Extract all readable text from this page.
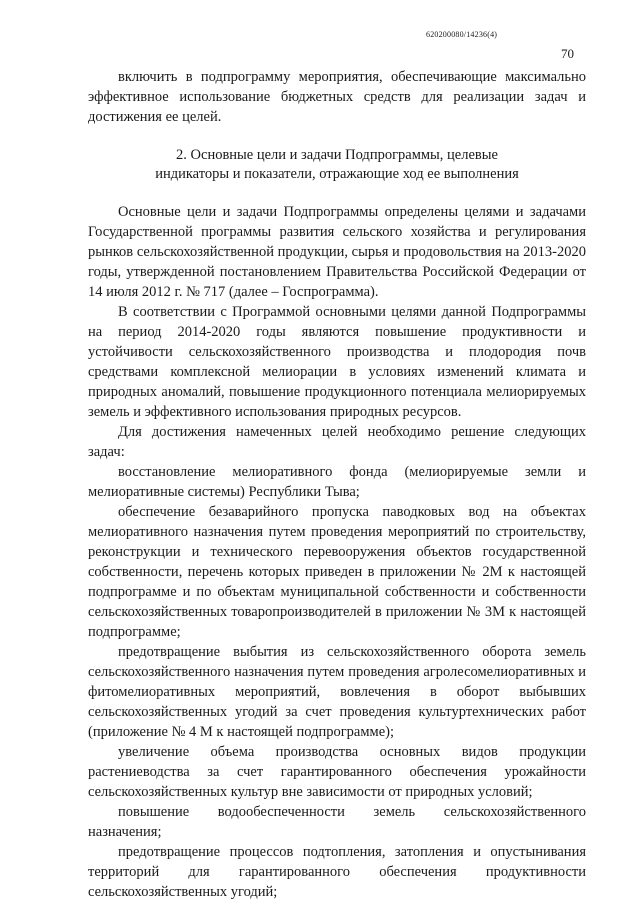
620200080/14236(4)
70

включить в подпрограмму мероприятия, обеспечивающие максимально эффективное использование бюджетных средств для реализации задач и достижения ее целей.

2. Основные цели и задачи Подпрограммы, целевые
индикаторы и показатели, отражающие ход ее выполнения

Основные цели и задачи Подпрограммы определены целями и задачами Государственной программы развития сельского хозяйства и регулирования рынков сельскохозяйственной продукции, сырья и продовольствия на 2013-2020 годы, утвержденной постановлением Правительства Российской Федерации от 14 июля 2012 г. № 717 (далее – Госпрограмма).

В соответствии с Программой основными целями данной Подпрограммы на период 2014-2020 годы являются повышение продуктивности и устойчивости сельскохозяйственного производства и плодородия почв средствами комплексной мелиорации в условиях изменений климата и природных аномалий, повышение продукционного потенциала мелиорируемых земель и эффективного использования природных ресурсов.

Для достижения намеченных целей необходимо решение следующих задач:

восстановление мелиоративного фонда (мелиорируемые земли и мелиоративные системы) Республики Тыва;

обеспечение безаварийного пропуска паводковых вод на объектах мелиоративного назначения путем проведения мероприятий по строительству, реконструкции и технического перевооружения объектов государственной собственности, перечень которых приведен в приложении № 2М к настоящей подпрограмме и по объектам муниципальной собственности и собственности сельскохозяйственных товаропроизводителей в приложении № 3М к настоящей подпрограмме;

предотвращение выбытия из сельскохозяйственного оборота земель сельскохозяйственного назначения путем проведения агролесомелиоративных и фитомелиоративных мероприятий, вовлечения в оборот выбывших сельскохозяйственных угодий за счет проведения культуртехнических работ (приложение № 4 М к настоящей подпрограмме);

увеличение объема производства основных видов продукции растениеводства за счет гарантированного обеспечения урожайности сельскохозяйственных культур вне зависимости от природных условий;

повышение водообеспеченности земель сельскохозяйственного назначения;

предотвращение процессов подтопления, затопления и опустынивания территорий для гарантированного обеспечения продуктивности сельскохозяйственных угодий;
